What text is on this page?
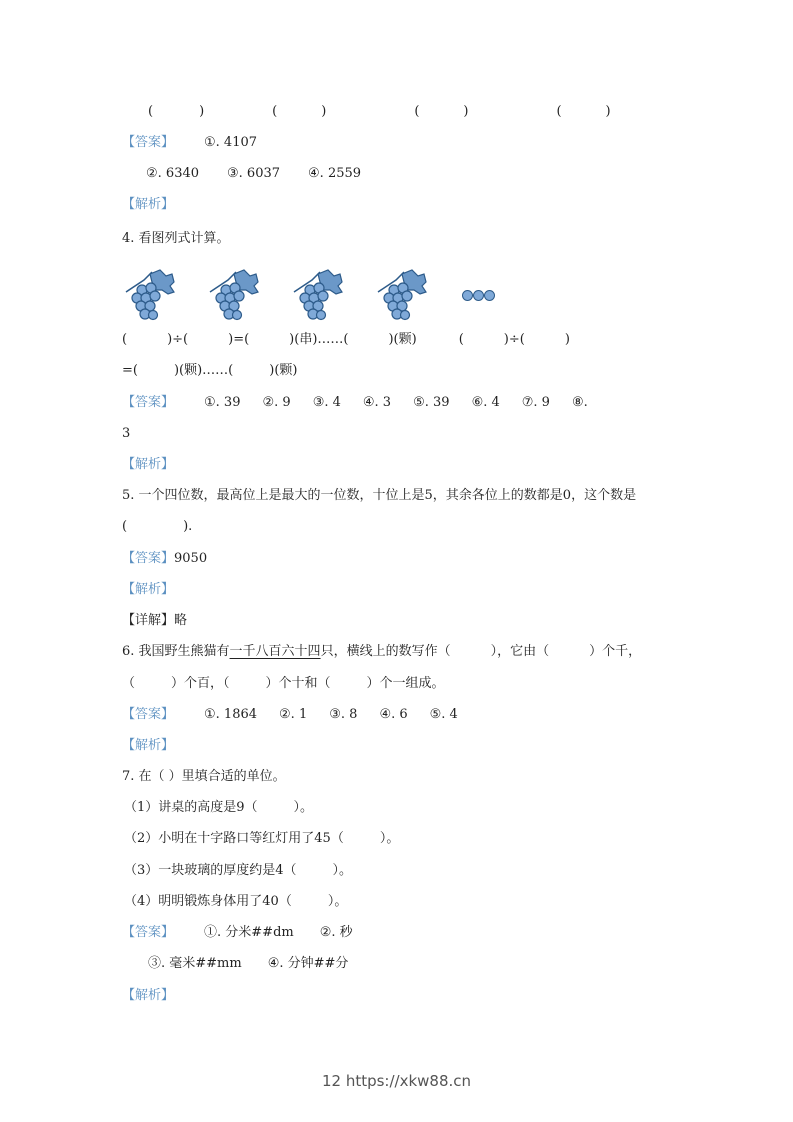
(	)	(	)	(	)	(	)
【答案】 ①. 4107
②. 6340 ③. 6037 ④. 2559
【解析】
4. 看图列式计算。
(	)÷(	)=(	)(串)……(	)(颗)	(	)÷(	)
=(	)(颗)……(	)(颗)
【答案】 ①. 39 ②. 9 ③. 4 ④. 3 ⑤. 39 ⑥. 4 ⑦. 9 ⑧.
3
【解析】
5. 一个四位数，最高位上是最大的一位数，十位上是5，其余各位上的数都是0，这个数是
(	).
【答案】9050
【解析】
【详解】略
6. 我国野生熊猫有一千八百六十四只，横线上的数写作（	），它由（	）个千，
（	）个百，（	）个十和（	）个一组成。
【答案】 ①. 1864 ②. 1 ③. 8 ④. 6 ⑤. 4
【解析】
7. 在（ ）里填合适的单位。
（1）讲桌的高度是9（	）。
（2）小明在十字路口等红灯用了45（	）。
（3）一块玻璃的厚度约是4（	）。
（4）明明锻炼身体用了40（	）。
【答案】 ①. 分米##dm ②. 秒
③. 毫米##mm ④. 分钟##分
【解析】
12 https://xkw88.cn
